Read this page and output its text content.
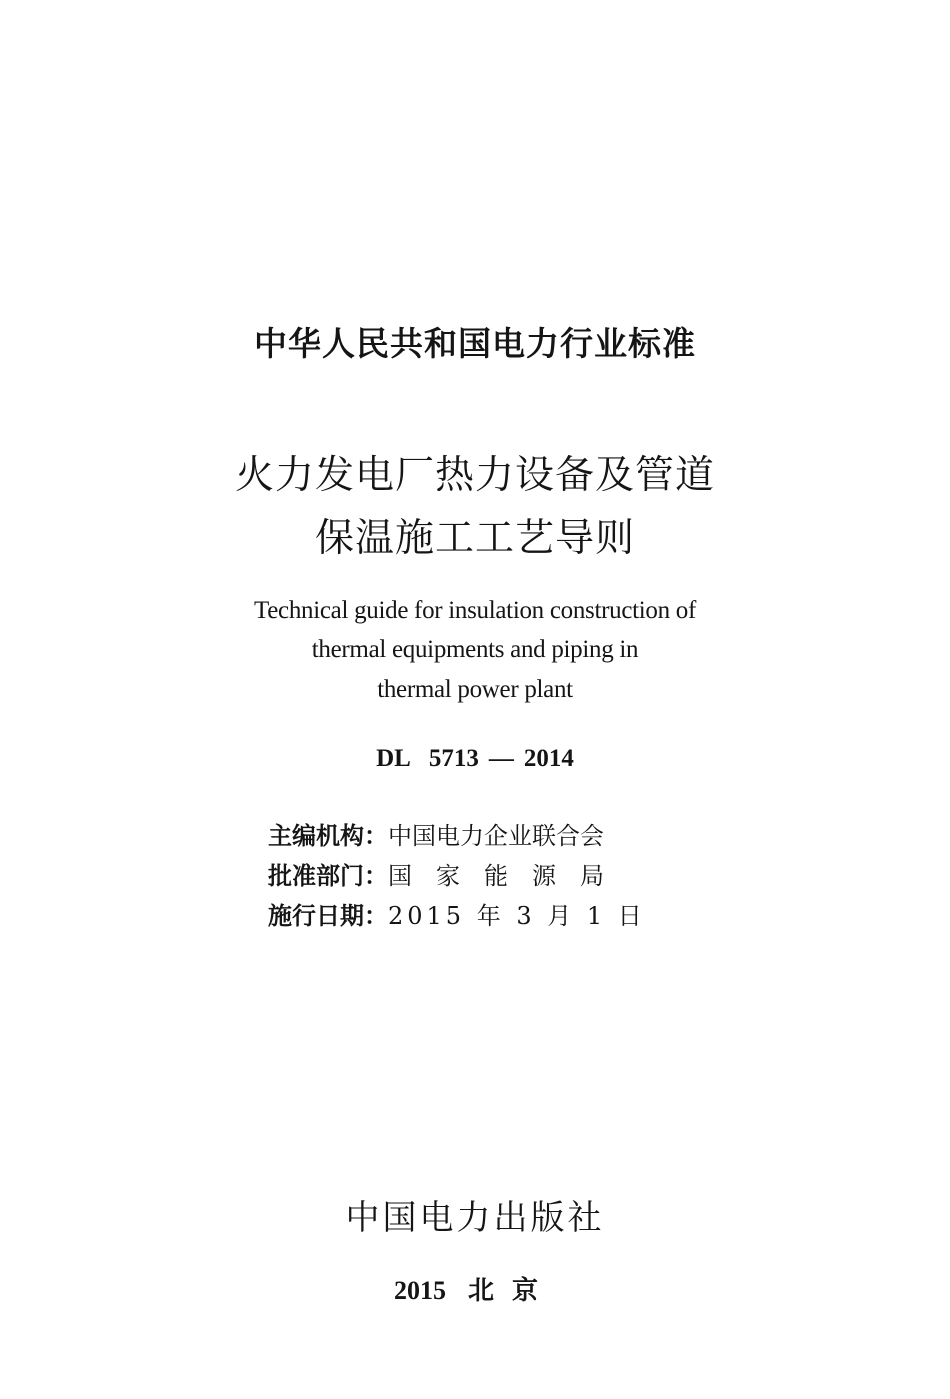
中华人民共和国电力行业标准
火力发电厂热力设备及管道
保温施工工艺导则
Technical guide for insulation construction of
thermal equipments and piping in
thermal power plant
DL 5713 — 2014
主编机构：中国电力企业联合会
批准部门：国家能源局
施行日期：2015 年 3 月 1 日
中国电力出版社
2015 北京
